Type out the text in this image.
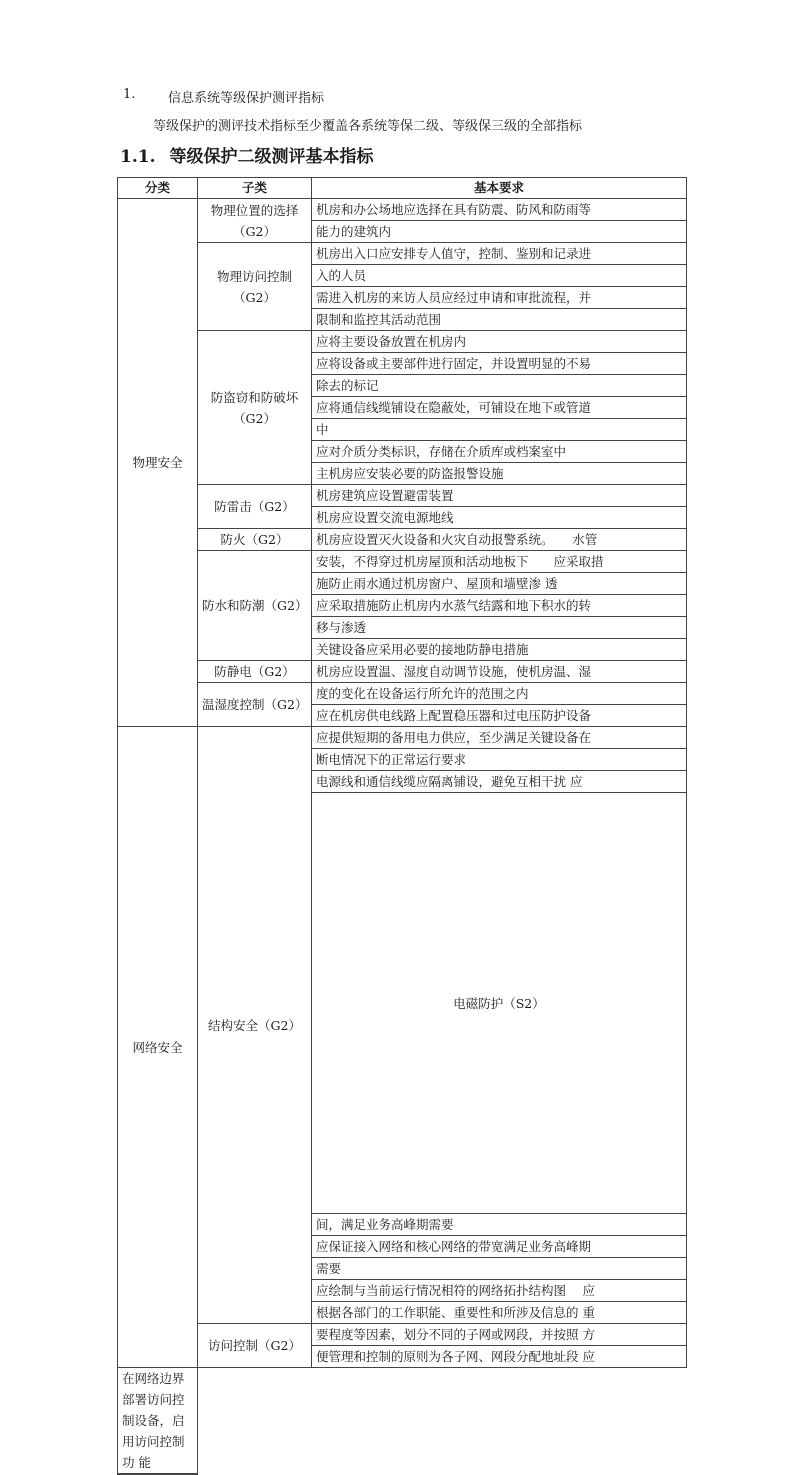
1.	信息系统等级保护测评指标
等级保护的测评技术指标至少覆盖各系统等保二级、等级保三级的全部指标
1.1. 等级保护二级测评基本指标
分类	子类	基本要求	
物理安全	物理位置的选择（G2）	机房和办公场地应选择在具有防震、防风和防雨等	

		能力的建筑内	

	物理访问控制（G2）	机房出入口应安排专人值守，控制、鉴别和记录进	

		入的人员	

		需进入机房的来访人员应经过申请和审批流程，并	

		限制和监控其活动范围	

	防盗窃和防破坏（G2）	应将主要设备放置在机房内	

		应将设备或主要部件进行固定，并设置明显的不易	

		除去的标记	

		应将通信线缆铺设在隐蔽处，可铺设在地下或管道	

		中	

		应对介质分类标识，存储在介质库或档案室中	

		主机房应安装必要的防盗报警设施	

	防雷击（G2）	机房建筑应设置避雷装置	

		机房应设置交流电源地线	

	防火（G2）	机房应设置灭火设备和火灾自动报警系统。　　水管	

	防水和防潮（G2）	安装，不得穿过机房屋顶和活动地板下　　应采取措	

		施防止雨水通过机房窗户、屋顶和墙壁渗 透	

		应采取措施防止机房内水蒸气结露和地下积水的转	

		移与渗透	

		关键设备应采用必要的接地防静电措施	

	防静电（G2）	机房应设置温、湿度自动调节设施，使机房温、湿	

	温湿度控制（G2）	度的变化在设备运行所允许的范围之内	

		应在机房供电线路上配置稳压器和过电压防护设备	

网络安全	结构安全（G2）	应提供短期的备用电力供应，至少满足关键设备在	

		断电情况下的正常运行要求	

		电源线和通信线缆应隔离铺设，避免互相干扰 应	

		电磁防护（S2）	

		间，满足业务高峰期需要	

		应保证接入网络和核心网络的带宽满足业务高峰期	

		需要	

		应绘制与当前运行情况相符的网络拓扑结构图　 应	

		根据各部门的工作职能、重要性和所涉及信息的 重	

	访问控制（G2）	要程度等因素，划分不同的子网或网段，并按照 方	

		便管理和控制的原则为各子网、网段分配地址段 应	

在网络边界部署访问控制设备，启用访问控制功 能			
